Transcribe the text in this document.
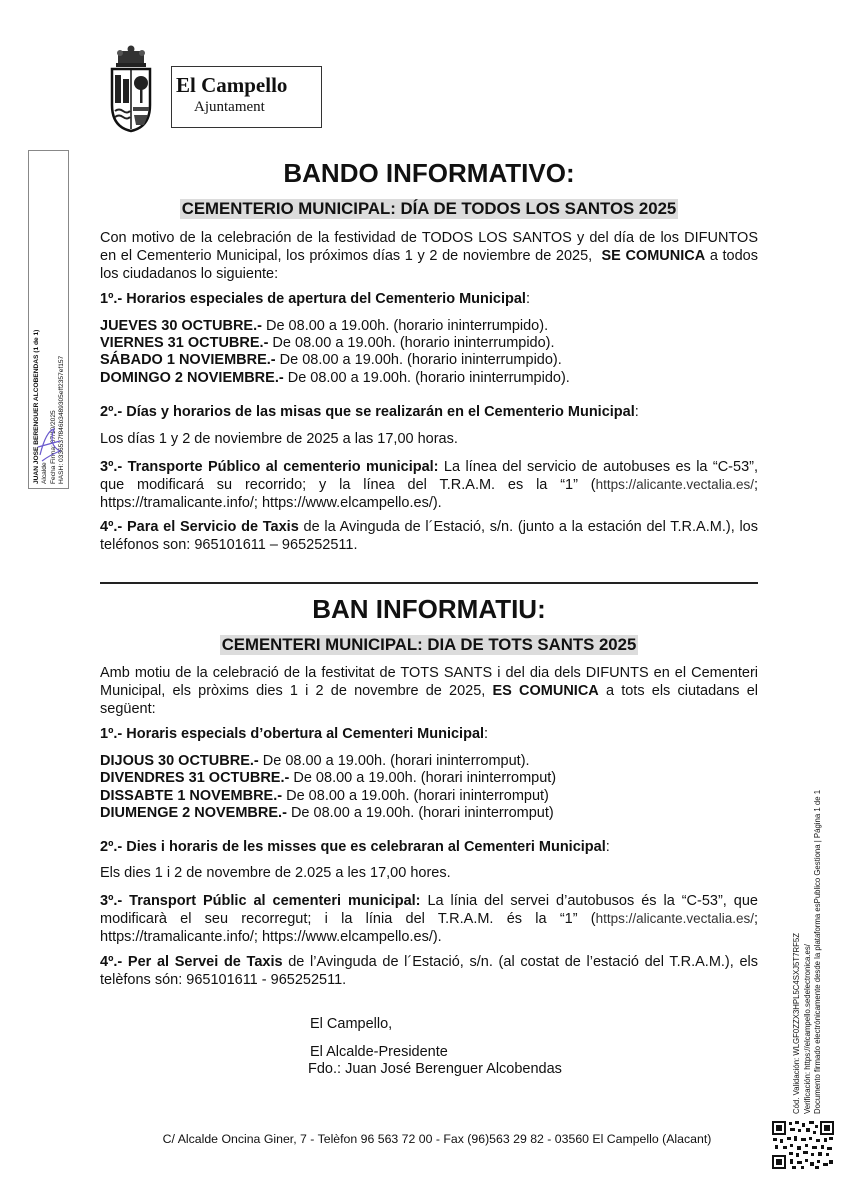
El Campello
Ajuntament
JUAN JOSE BERENGUER ALCOBENDAS (1 de 1) Alcalde Fecha Firma: 07/10/2025 HASH: 0336537f846b3489305eff2357ef157
Cód. Validación: WLGF0ZZX3HPL5C4SXJ5T7RF5Z Verificación: https://elcampello.sedelectronica.es/ Documento firmado electrónicamente desde la plataforma esPublico Gestiona | Página 1 de 1
BANDO INFORMATIVO:
CEMENTERIO MUNICIPAL: DÍA DE TODOS LOS SANTOS 2025
Con motivo de la celebración de la festividad de TODOS LOS SANTOS y del día de los DIFUNTOS en el Cementerio Municipal, los próximos días 1 y 2 de noviembre de 2025, SE COMUNICA a todos los ciudadanos lo siguiente:
1º.- Horarios especiales de apertura del Cementerio Municipal:
JUEVES 30 OCTUBRE.- De 08.00 a 19.00h. (horario ininterrumpido).
VIERNES 31 OCTUBRE.- De 08.00 a 19.00h. (horario ininterrumpido).
SÁBADO 1 NOVIEMBRE.- De 08.00 a 19.00h. (horario ininterrumpido).
DOMINGO 2 NOVIEMBRE.- De 08.00 a 19.00h. (horario ininterrumpido).
2º.- Días y horarios de las misas que se realizarán en el Cementerio Municipal:
Los días 1 y 2 de noviembre de 2025 a las 17,00 horas.
3º.- Transporte Público al cementerio municipal: La línea del servicio de autobuses es la “C-53”, que modificará su recorrido; y la línea del T.R.A.M. es la “1” (https://alicante.vectalia.es/; https://tramalicante.info/; https://www.elcampello.es/).
4º.- Para el Servicio de Taxis de la Avinguda de l´Estació, s/n. (junto a la estación del T.R.A.M.), los teléfonos son: 965101611 – 965252511.
BAN INFORMATIU:
CEMENTERI MUNICIPAL: DIA DE TOTS SANTS 2025
Amb motiu de la celebració de la festivitat de TOTS SANTS i del dia dels DIFUNTS en el Cementeri Municipal, els pròxims dies 1 i 2 de novembre de 2025, ES COMUNICA a tots els ciutadans el següent:
1º.- Horaris especials d’obertura al Cementeri Municipal:
DIJOUS 30 OCTUBRE.- De 08.00 a 19.00h. (horari ininterromput).
DIVENDRES 31 OCTUBRE.- De 08.00 a 19.00h. (horari ininterromput)
DISSABTE 1 NOVEMBRE.- De 08.00 a 19.00h. (horari ininterromput)
DIUMENGE 2 NOVEMBRE.- De 08.00 a 19.00h. (horari ininterromput)
2º.- Dies i horaris de les misses que es celebraran al Cementeri Municipal:
Els dies 1 i 2 de novembre de 2.025 a les 17,00 hores.
3º.- Transport Públic al cementeri municipal: La línia del servei d’autobusos és la “C-53”, que modificarà el seu recorregut; i la línia del T.R.A.M. és la “1” (https://alicante.vectalia.es/; https://tramalicante.info/; https://www.elcampello.es/).
4º.- Per al Servei de Taxis de l’Avinguda de l´Estació, s/n. (al costat de l’estació del T.R.A.M.), els telèfons són: 965101611 - 965252511.
El Campello,
El Alcalde-Presidente
Fdo.: Juan José Berenguer Alcobendas
C/ Alcalde Oncina Giner, 7 - Telèfon 96 563 72 00 - Fax (96)563 29 82 - 03560 El Campello (Alacant)
